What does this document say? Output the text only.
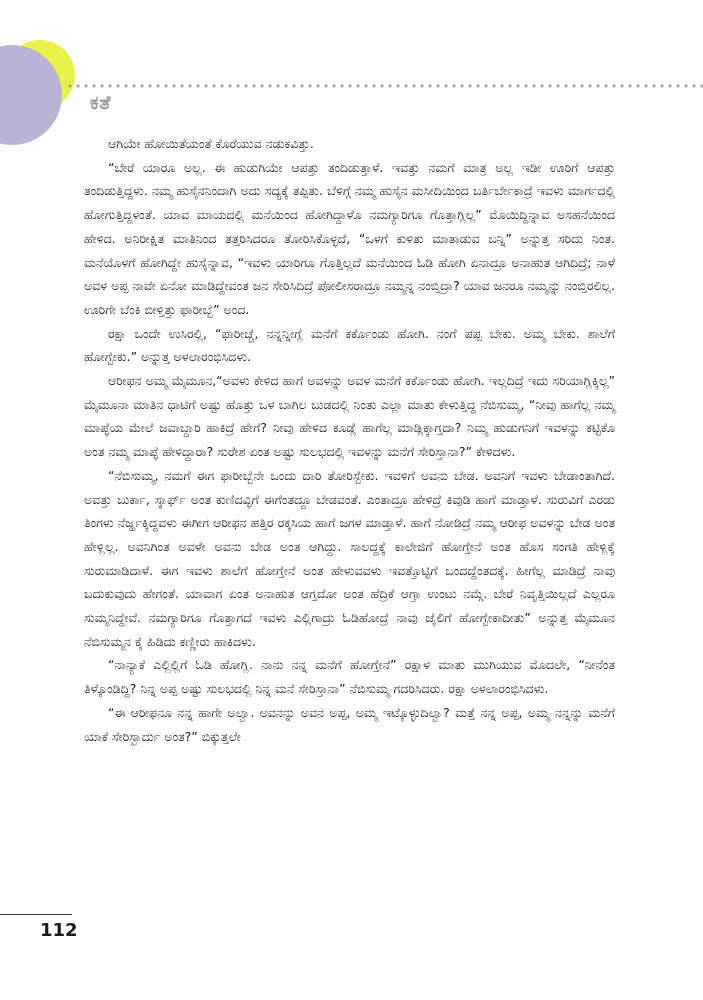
ಕತೆ

ಆಗಿಯೇ ಹೋಯಿತೆಯಂತೆ ಕೊರೆಯುವ ನಡುಕವಿತ್ತು.

“ಬೇರೆ ಯಾರೂ ಅಲ್ಲ. ಈ ಹುಡುಗಿಯೇ ಆಪತ್ತು ತಂದಿಡುತ್ತಾಳೆ. ಇವತ್ತು ನಮಗೆ ಮಾತ್ರ ಅಲ್ಲ ಇಡೀ ಊರಿಗೆ ಆಪತ್ತು ತಂದಿಡುತ್ತಿದ್ದಳು. ನಮ್ಮ ಹುಸೈನನಿಂದಾಗಿ ಅದು ಸದ್ಯಕ್ಕೆ ತಪ್ಪಿತು. ಬೆಳಿಗ್ಗೆ ನಮ್ಮ ಹುಸೈನ ಮಸೀದಿಯಿಂದ ಬರ್ತಿರ್ಬೇಕಾದ್ರೆ ಇವಳು ಮಾರ್ಗದಲ್ಲಿ ಹೋಗುತ್ತಿದ್ದಳಂತೆ. ಯಾವ ಮಾಯದಲ್ಲಿ ಮನೆಯಿಂದ ಹೋಗಿದ್ದಾಳೊ ನಮಗ್ಯಾರಿಗೂ ಗೊತ್ತಾಗ್ಲಿಲ್ಲ” ಮೊಯಿದ್ದಿನ್ನಾವ ಅಸಹನೆಯಿಂದ ಹೇಳಿದ. ಅನಿರೀಕ್ಷಿತ ಮಾತಿನಿಂದ ತತ್ತರಿಸಿದರೂ ತೋರಿಸಿಕೊಳ್ಳದೆ, “ಒಳಗೆ ಕುಳಿತು ಮಾತಾಡುವ ಬನ್ನಿ” ಅನ್ನುತ್ತ ಸರಿದು ನಿಂತ. ಮನೆಯೊಳಗೆ ಹೋಗಿದ್ದೇ ಹುಸೈನ್ನಾವ, “ಇವಳು ಯಾರಿಗೂ ಗೊತ್ತಿಲ್ಲದೆ ಮನೆಯಿಂದ ಓಡಿ ಹೋಗಿ ಏನಾದ್ರೂ ಅನಾಹುತ ಆಗಿದಿದ್ರೆ; ನಾಳೆ ಅವಳ ಅಪ್ಪ ನಾವೇ ಏನೋ ಮಾಡಿದ್ದೇವಂತ ಜನ ಸೇರಿಸಿದಿದ್ರೆ ಪೋಲೀಸರಾದ್ರೂ ನಮ್ಮನ್ನ ನಂಬ್ತಿದ್ರಾ? ಯಾವ ಜನರೂ ನಮ್ಮನ್ನು ನಂಬ್ತಿರಲಿಲ್ಲ. ಊರಿಗೇ ಬೆಂಕಿ ಬೀಳ್ತಿತ್ತು ಫಾರೀಬ್ಬೆ” ಅಂದ.

ರಕ್ಷಾ ಒಂದೇ ಉಸಿರಲ್ಲಿ, “ಫಾರೀಚ್ಚೆ, ನನ್ನನ್ನೀಗ್ಲೆ ಮನೆಗೆ ಕರ್ಕೊಂಡು ಹೋಗಿ. ನಂಗೆ ಪಪ್ಪ ಬೇಕು. ಅಮ್ಮ ಬೇಕು. ಶಾಲೆಗೆ ಹೋಗ್ಬೇಕು.” ಅನ್ನುತ್ತ ಅಳಲಾರಂಭಿಸಿದಳು.

ಆರೀಫನ ಅಮ್ಮ ಮೈಮೂನ,“ಅವಳು ಕೇಳಿದ ಹಾಗೆ ಅವಳನ್ನು ಅವಳ ಮನೆಗೆ ಕರ್ಕೊಂಡು ಹೋಗಿ. ಇಲ್ಲದಿದ್ರೆ ಇದು ಸರಿಯಾಗ್ಲಿಕ್ಕಿಲ್ಲ” ಮೈಮೂನಾ ಮಾತಿನ ಧಾಟಿಗೆ ಅಷ್ಟು ಹೊತ್ತು ಒಳ ಬಾಗಿಲ ಬುಡದಲ್ಲಿ ನಿಂತು ಎಲ್ಲಾ ಮಾತು ಕೇಳುತ್ತಿದ್ದ ನೆಬಿಸುಮ್ಮ, “ನೀವು ಹಾಗೆಲ್ಲ ನಮ್ಮ ಮಾಪ್ಳೆಯ ಮೇಲೆ ಜವಾಬ್ದಾರಿ ಹಾಕಿದ್ರೆ ಹೇಗೆ? ನೀವು ಹೇಳಿದ ಕೂಡ್ಲೆ ಹಾಗೆಲ್ಲ ಮಾಡ್ಲಿಕ್ಕಾಗ್ತದಾ? ನಿಮ್ಮ ಹುಡುಗನಿಗೆ ಇವಳನ್ನು ಕಟ್ಟಿಕೊ ಅಂತ ನಮ್ಮ ಮಾಪ್ಳೆ ಹೇಳಿದ್ದಾರಾ? ಸುರೇಶ ಏಂತ ಅಷ್ಟು ಸುಲಭದಲ್ಲಿ ಇವಳನ್ನು ಮನೆಗೆ ಸೇರಿಸ್ತಾನಾ?” ಕೇಳಿದಳು.

“ನೆಬಿಸುಮ್ಮ, ನಮಗೆ ಈಗ ಫಾರೀಬ್ಬೆನೇ ಒಂದು ದಾರಿ ತೋರಿಸ್ಬೇಕು. ಇವಳಿಗೆ ಅವನು ಬೇಡ. ಅವನಿಗೆ ಇವಳು ಬೇಡಾಂತಾಗಿದೆ. ಅವತ್ತು ಬುರ್ಕಾ, ಸ್ಕಾರ್ಫ್ ಅಂತ ಕುಣಿದವ್ಳಿಗೆ ಈಗೆಂತದ್ದೂ ಬೇಡವಂತೆ. ಎಂತಾದ್ರೂ ಹೇಳಿದ್ರೆ ಕಿವುಡಿ ಹಾಗೆ ಮಾಡ್ತಾಳೆ. ಸುರುವಿಗೆ ಎರಡು ತಿಂಗಳು ನೆರ್ಜ್ಹಕ್ಕಿದ್ದವಳು ಈಗೀಗ ಆರೀಫನ ಹತ್ತಿರ ರಕ್ಕಸಿಯ ಹಾಗೆ ಜಗಳ ಮಾಡ್ತಾಳೆ. ಹಾಗೆ ನೋಡಿದ್ರೆ ನಮ್ಮ ಆರೀಫ ಅವಳನ್ನು ಬೇಡ ಅಂತ ಹೇಳ್ಲಿಲ್ಲ. ಅವನಿಗಿಂತ ಅವಳೇ ಅವನು ಬೇಡ ಅಂತ ಆಗಿದ್ದು. ಸಾಲದ್ದಕ್ಕೆ ಕಾಲೇಜಿಗೆ ಹೋಗ್ತೇನೆ ಅಂತ ಹೊಸ ಸಂಗತಿ ಹೇಳ್ಲಿಕ್ಕೆ ಸುರುಮಾಡಿದಾಳೆ. ಈಗ ಇವಳು ಶಾಲೆಗೆ ಹೋಗ್ತೇನೆ ಅಂತ ಹೇಳುವವಳು ಇವತ್ತೊಟ್ಟಿಗೆ ಬಂದದ್ದೆಂತದಕ್ಕೆ. ಹೀಗೆಲ್ಲ ಮಾಡಿದ್ರೆ ನಾವು ಬದುಕುವುದು ಹೇಗಂತೆ. ಯಾವಾಗ ಏಂತ ಅನಾಹುತ ಆಗ್ತದೋ ಅಂತ ಹೆದ್ರಿಕೆ ಆಗ್ತಾ ಉಂಟು ನಮ್ಗೆ. ಬೇರೆ ನಿವೃತ್ತಿಯಿಲ್ಲದೆ ಎಲ್ಲರೂ ಸುಮ್ಮನಿದ್ದೇವೆ. ನಮಗ್ಯಾರಿಗೂ ಗೊತ್ತಾಗದೆ ಇವಳು ಎಲ್ಲಿಗಾದ್ರು ಓಡಿಹೋದ್ರೆ ನಾವು ಜೈಲಿಗೆ ಹೋಗ್ಬೇಕಾದೀತು” ಅನ್ನುತ್ತ ಮೈಮೂನ ನೆಬಿಸುಮ್ಮನ ಕೈ ಹಿಡಿದು ಕಣ್ಣೀರು ಹಾಕಿದಳು.

“ನಾನ್ಯಾಕೆ ಎಲ್ಲಿಲ್ಲಿಗೆ ಓಡಿ ಹೋಗ್ಲಿ. ನಾನು ನನ್ನ ಮನೆಗೆ ಹೋಗ್ತೇನೆ” ರಕ್ಷಾಳ ಮಾತು ಮುಗಿಯುವ ಮೊದಲೇ, “ನೀನೆಂತ ತಿಳ್ಕೊಂಡಿದ್ದಿ? ನಿನ್ನ ಅಪ್ಪ ಅಷ್ಟು ಸುಲಭದಲ್ಲಿ ನಿನ್ನ ಮನೆ ಸೇರಿಸ್ತಾನಾ” ನೆಬಿಸುಮ್ಮ ಗದರಿಸಿದರು. ರಕ್ಷಾ ಅಳಲಾರಂಭಿಸಿದಳು.

“ಈ ಆರೀಫನೂ ನನ್ನ ಹಾಗೇ ಅಲ್ವಾ. ಅವನನ್ನು ಅವನ ಅಪ್ಪ, ಅಮ್ಮ ಇಟ್ಕೊಳ್ಳುದಿಲ್ವಾ? ಮತ್ತೆ ನನ್ನ ಅಪ್ಪ, ಅಮ್ಮ ನನ್ನನ್ನು ಮನೆಗೆ ಯಾಕೆ ಸೇರಿಸ್ಬಾರ್ದು ಅಂತ?” ಬಿಕ್ಕುತ್ತಲೇ

112
